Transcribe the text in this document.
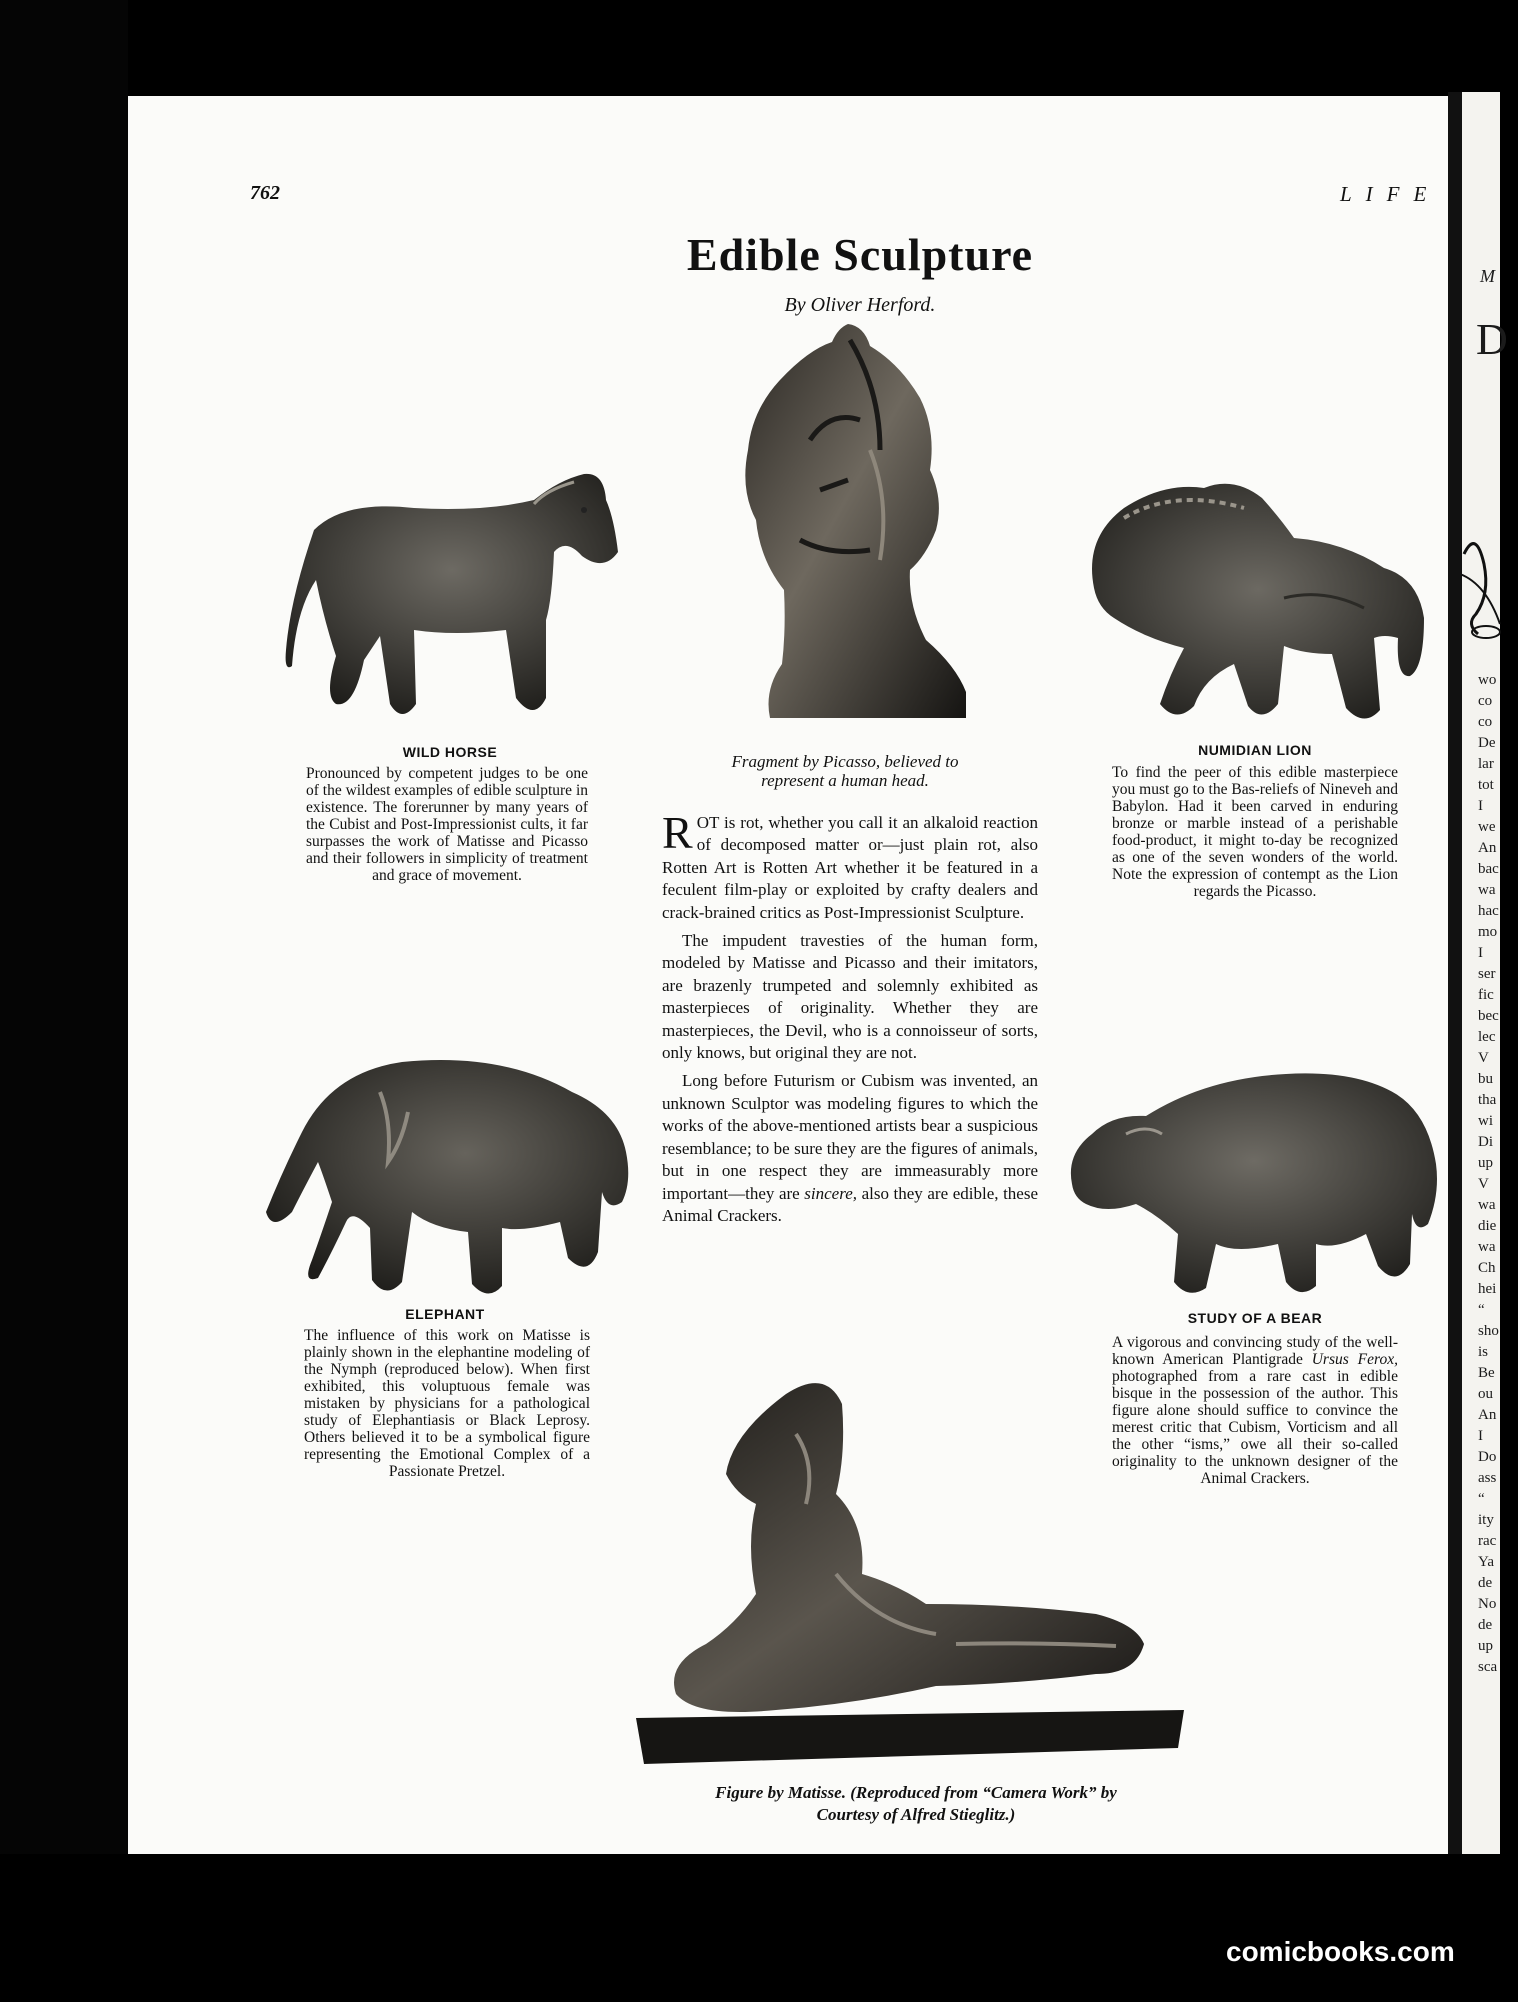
M
D
wo
co
co
De
lar
tot
I
we
An
bac
wa
hac
mo
I
ser
fic
bec
lec
V
bu
tha
wi
Di
up
V
wa
die
wa
Ch
hei
“
sho
is
Be
ou
An
I
Do
ass
“
ity
rac
Ya
de
No
de
up
sca
762	LIFE
Edible Sculpture
By Oliver Herford.
WILD HORSE
Pronounced by competent judges to be one of the wildest examples of edible sculpture in existence. The forerunner by many years of the Cubist and Post-Impressionist cults, it far surpasses the work of Matisse and Picasso and their followers in simplicity of treatment and grace of movement.
Fragment by Picasso, believed to represent a human head.
NUMIDIAN LION
To find the peer of this edible masterpiece you must go to the Bas-reliefs of Nineveh and Babylon. Had it been carved in enduring bronze or marble instead of a perishable food-product, it might to-day be recognized as one of the seven wonders of the world. Note the expression of contempt as the Lion regards the Picasso.
ELEPHANT
The influence of this work on Matisse is plainly shown in the elephantine modeling of the Nymph (reproduced below). When first exhibited, this voluptuous female was mistaken by physicians for a pathological study of Elephantiasis or Black Leprosy. Others believed it to be a symbolical figure representing the Emotional Complex of a Passionate Pretzel.
STUDY OF A BEAR
A vigorous and convincing study of the well-known American Plantigrade Ursus Ferox, photographed from a rare cast in edible bisque in the possession of the author. This figure alone should suffice to convince the merest critic that Cubism, Vorticism and all the other “isms,” owe all their so-called originality to the unknown designer of the Animal Crackers.

ROT is rot, whether you call it an alkaloid reaction of decomposed matter or—just plain rot, also Rotten Art is Rotten Art whether it be featured in a feculent film-play or exploited by crafty dealers and crack-brained critics as Post-Impressionist Sculpture.

The impudent travesties of the human form, modeled by Matisse and Picasso and their imitators, are brazenly trumpeted and solemnly exhibited as masterpieces of originality. Whether they are masterpieces, the Devil, who is a connoisseur of sorts, only knows, but original they are not.

Long before Futurism or Cubism was invented, an unknown Sculptor was modeling figures to which the works of the above-mentioned artists bear a suspicious resemblance; to be sure they are the figures of animals, but in one respect they are immeasurably more important—they are sincere, also they are edible, these Animal Crackers.

Figure by Matisse. (Reproduced from “Camera Work” by
Courtesy of Alfred Stieglitz.)
comicbooks.com
